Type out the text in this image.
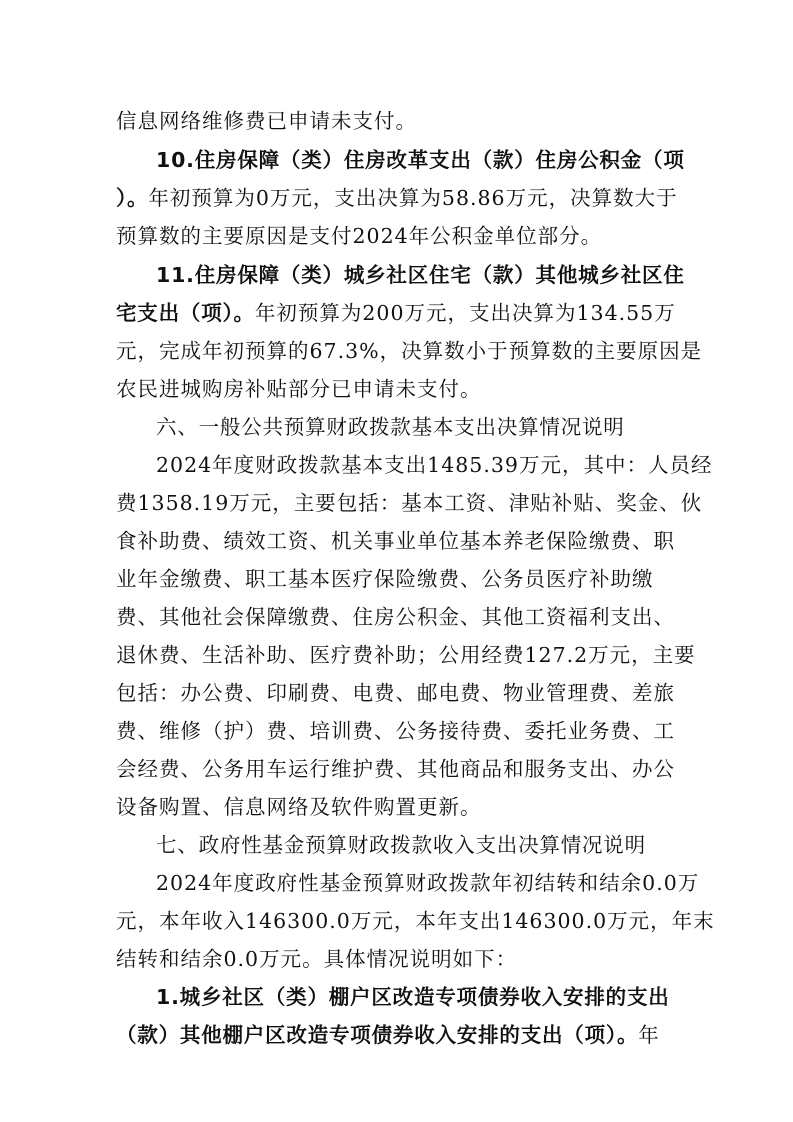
信息网络维修费已申请未支付。
10.住房保障（类）住房改革支出（款）住房公积金（项
）。年初预算为0万元，支出决算为58.86万元，决算数大于
预算数的主要原因是支付2024年公积金单位部分。
11.住房保障（类）城乡社区住宅（款）其他城乡社区住
宅支出（项）。年初预算为200万元，支出决算为134.55万
元，完成年初预算的67.3%，决算数小于预算数的主要原因是
农民进城购房补贴部分已申请未支付。
六、一般公共预算财政拨款基本支出决算情况说明
2024年度财政拨款基本支出1485.39万元，其中：人员经
费1358.19万元，主要包括：基本工资、津贴补贴、奖金、伙
食补助费、绩效工资、机关事业单位基本养老保险缴费、职
业年金缴费、职工基本医疗保险缴费、公务员医疗补助缴
费、其他社会保障缴费、住房公积金、其他工资福利支出、
退休费、生活补助、医疗费补助；公用经费127.2万元，主要
包括：办公费、印刷费、电费、邮电费、物业管理费、差旅
费、维修（护）费、培训费、公务接待费、委托业务费、工
会经费、公务用车运行维护费、其他商品和服务支出、办公
设备购置、信息网络及软件购置更新。
七、政府性基金预算财政拨款收入支出决算情况说明
2024年度政府性基金预算财政拨款年初结转和结余0.0万
元，本年收入146300.0万元，本年支出146300.0万元，年末
结转和结余0.0万元。具体情况说明如下：
1.城乡社区（类）棚户区改造专项债券收入安排的支出
（款）其他棚户区改造专项债券收入安排的支出（项）。年
